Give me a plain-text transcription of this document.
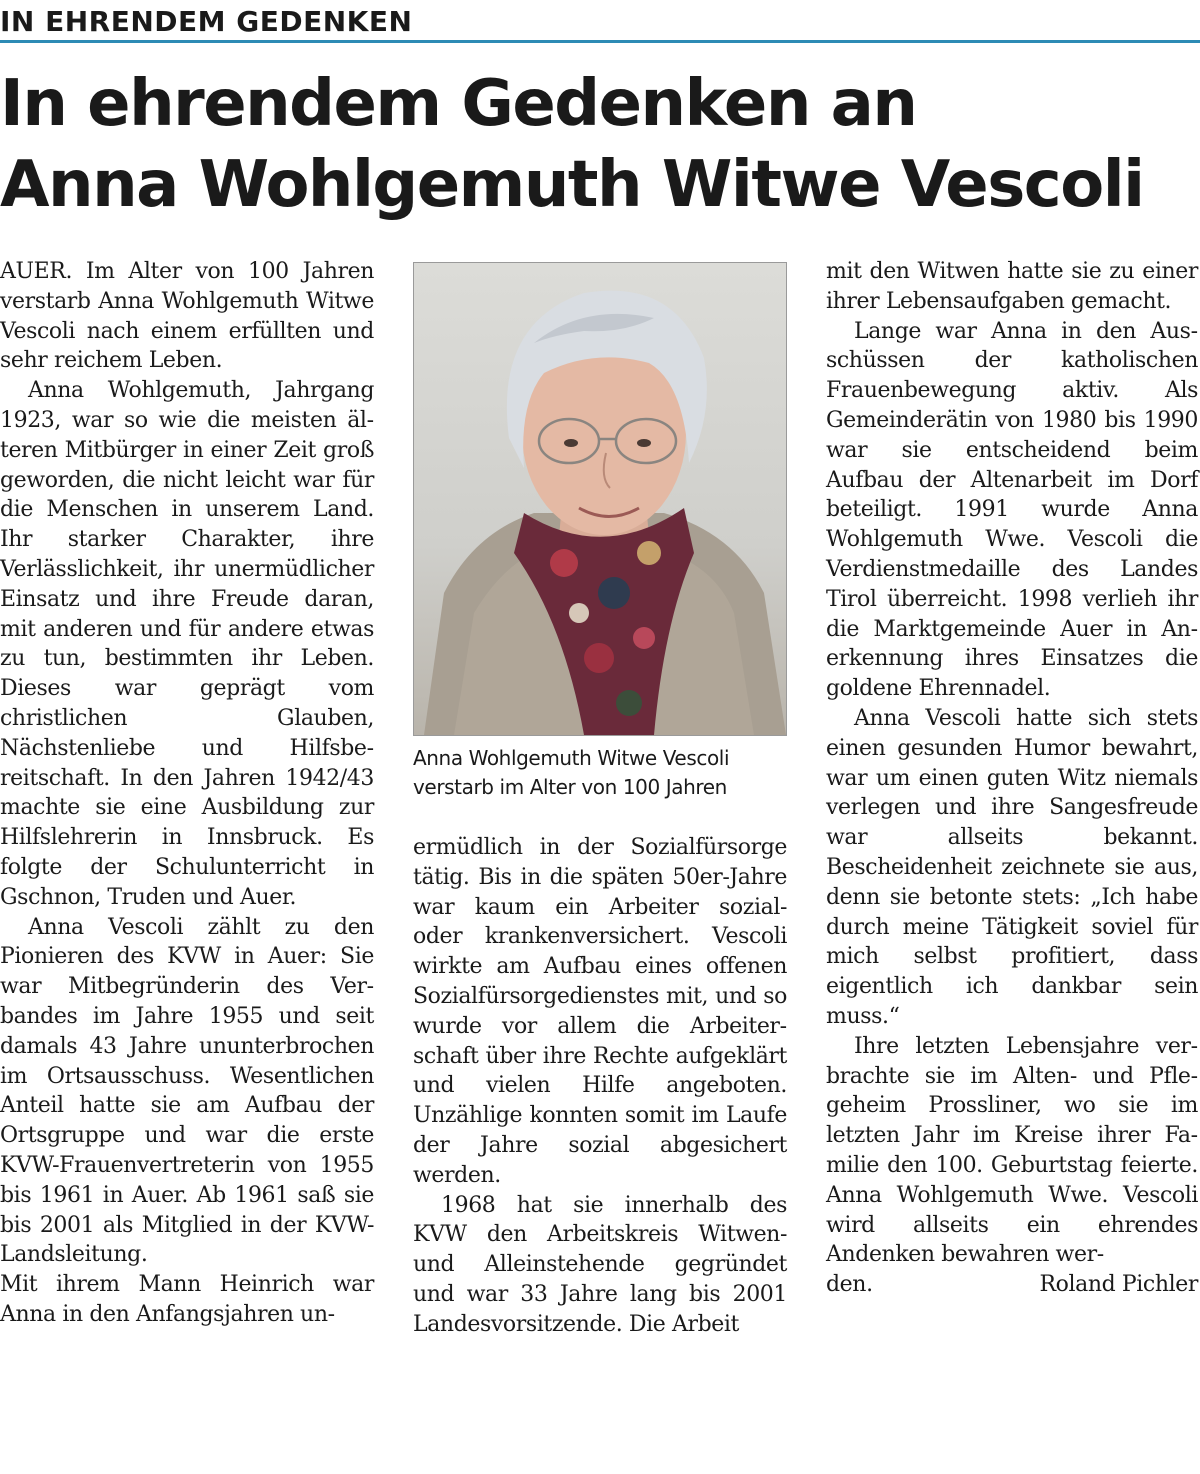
IN EHRENDEM GEDENKEN
In ehrendem Gedenken an
Anna Wohlgemuth Witwe Vescoli

AUER. Im Alter von 100 Jahren verstarb Anna Wohlgemuth Witwe Vescoli nach einem erfüllten und sehr reichem Leben.

Anna Wohlgemuth, Jahrgang 1923, war so wie die meisten älteren Mitbürger in einer Zeit groß geworden, die nicht leicht war für die Menschen in unserem Land. Ihr starker Charakter, ihre Verlässlichkeit, ihr unermüdlicher Einsatz und ihre Freude daran, mit anderen und für andere etwas zu tun, bestimmten ihr Leben. Dieses war geprägt vom christlichen Glauben, Nächstenliebe und Hilfsbereitschaft. In den Jahren 1942/43 machte sie eine Ausbildung zur Hilfslehrerin in Innsbruck. Es folgte der Schulunterricht in Gschnon, Truden und Auer.

Anna Vescoli zählt zu den Pionieren des KVW in Auer: Sie war Mitbegründerin des Verbandes im Jahre 1955 und seit damals 43 Jahre ununterbrochen im Ortsausschuss. Wesentlichen Anteil hatte sie am Aufbau der Ortsgruppe und war die erste KVW-Frauenvertreterin von 1955 bis 1961 in Auer. Ab 1961 saß sie bis 2001 als Mitglied in der KVW-Landsleitung.

Mit ihrem Mann Heinrich war Anna in den Anfangsjahren un-

Anna Wohlgemuth Witwe Vescoli
verstarb im Alter von 100 Jahren

ermüdlich in der Sozialfürsorge tätig. Bis in die späten 50er-Jahre war kaum ein Arbeiter sozial- oder krankenversichert. Vescoli wirkte am Aufbau eines offenen Sozialfürsorgedienstes mit, und so wurde vor allem die Arbeiterschaft über ihre Rechte aufgeklärt und vielen Hilfe angeboten. Unzählige konnten somit im Laufe der Jahre sozial abgesichert werden.

1968 hat sie innerhalb des KVW den Arbeitskreis Witwen- und Alleinstehende gegründet und war 33 Jahre lang bis 2001 Landesvorsitzende. Die Arbeit

mit den Witwen hatte sie zu einer ihrer Lebensaufgaben gemacht.

Lange war Anna in den Ausschüssen der katholischen Frauenbewegung aktiv. Als Gemeinderätin von 1980 bis 1990 war sie entscheidend beim Aufbau der Altenarbeit im Dorf beteiligt. 1991 wurde Anna Wohlgemuth Wwe. Vescoli die Verdienstmedaille des Landes Tirol überreicht. 1998 verlieh ihr die Marktgemeinde Auer in Anerkennung ihres Einsatzes die goldene Ehrennadel.

Anna Vescoli hatte sich stets einen gesunden Humor bewahrt, war um einen guten Witz niemals verlegen und ihre Sangesfreude war allseits bekannt. Bescheidenheit zeichnete sie aus, denn sie betonte stets: „Ich habe durch meine Tätigkeit soviel für mich selbst profitiert, dass eigentlich ich dankbar sein muss.“

Ihre letzten Lebensjahre verbrachte sie im Alten- und Pflegeheim Prossliner, wo sie im letzten Jahr im Kreise ihrer Familie den 100. Geburtstag feierte. Anna Wohlgemuth Wwe. Vescoli wird allseits ein ehrendes Andenken bewahren wer-

den.	Roland Pichler
